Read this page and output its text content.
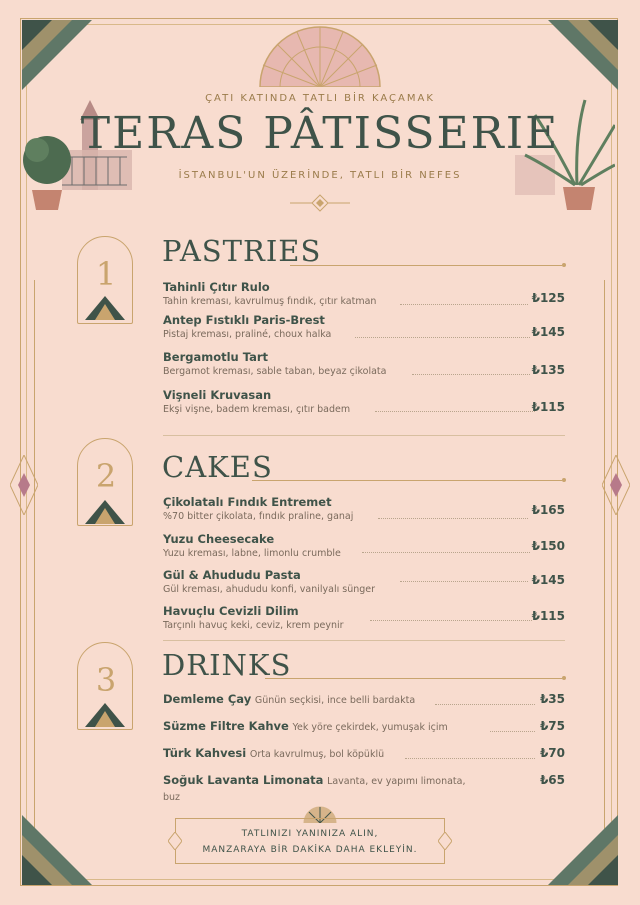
ÇATI KATINDA TATLI BİR KAÇAMAK
TERAS PÂTISSERIE
İSTANBUL'UN ÜZERİNDE, TATLI BİR NEFES
1
PASTRIES
Tahinli Çıtır Rulo
Tahin kreması, kavrulmuş fındık, çıtır katman	₺125
Antep Fıstıklı Paris-Brest
Pistaj kreması, praliné, choux halka	₺145
Bergamotlu Tart
Bergamot kreması, sable taban, beyaz çikolata	₺135
Vişneli Kruvasan
Ekşi vişne, badem kreması, çıtır badem	₺115
2	CAKES
Çikolatalı Fındık Entremet
%70 bitter çikolata, fındık praline, ganaj	₺165
Yuzu Cheesecake
Yuzu kreması, labne, limonlu crumble
₺150
Gül & Ahududu Pasta
Gül kreması, ahududu konfi, vanilyalı sünger
₺145
Havuçlu Cevizli Dilim
Tarçınlı havuç keki, ceviz, krem peynir
₺115
3	DRINKS
Demleme Çay Günün seçkisi, ince belli bardakta	₺35
Süzme Filtre Kahve Yek yöre çekirdek, yumuşak içim	₺75
Türk Kahvesi Orta kavrulmuş, bol köpüklü	₺70
Soğuk Lavanta Limonata Lavanta, ev yapımı limonata, buz
₺65
TATLINIZI YANINIZA ALIN,
MANZARAYA BİR DAKİKA DAHA EKLEYİN.
